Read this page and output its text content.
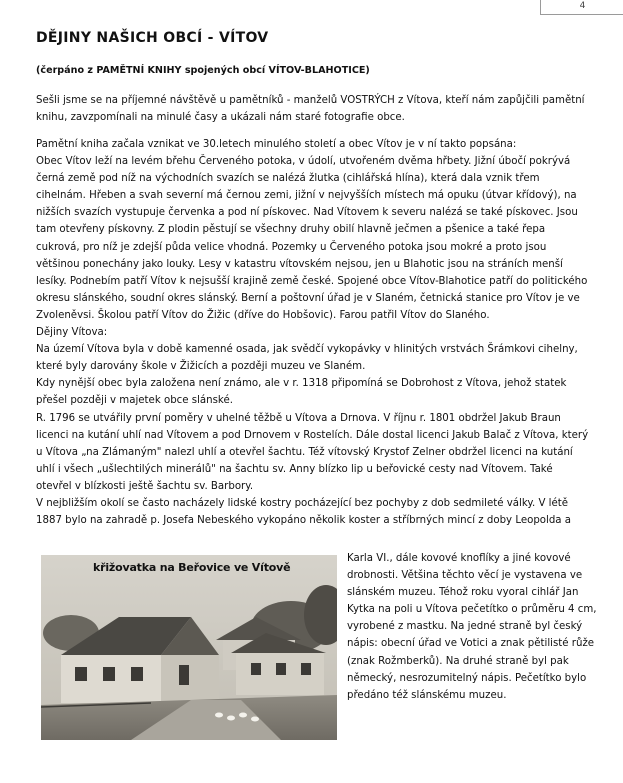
4
DĚJINY NAŠICH OBCÍ - VÍTOV
(čerpáno z PAMĚTNÍ KNIHY spojených obcí VÍTOV-BLAHOTICE)

Sešli jsme se na příjemné návštěvě u pamětníků - manželů VOSTRÝCH z Vítova, kteří nám zapůjčili pamětní knihu, zavzpomínali na minulé časy a ukázali nám staré fotografie obce.

Pamětní kniha začala vznikat ve 30.letech minulého století a obec Vítov je v ní takto popsána:
Obec Vítov leží na levém břehu Červeného potoka, v údolí, utvořeném dvěma hřbety. Jižní úbočí pokrývá černá země pod níž na východních svazích se nalézá žlutka (cihlářská hlína), která dala vznik třem cihelnám. Hřeben a svah severní má černou zemi, jižní v nejvyšších místech má opuku (útvar křídový), na nižších svazích vystupuje červenka a pod ní pískovec. Nad Vítovem k severu nalézá se také pískovec. Jsou tam otevřeny pískovny. Z plodin pěstují se všechny druhy obilí hlavně ječmen a pšenice a také řepa cukrová, pro níž je zdejší půda velice vhodná. Pozemky u Červeného potoka jsou mokré a proto jsou většinou ponechány jako louky. Lesy v katastru vítovském nejsou, jen u Blahotic jsou na stráních menší lesíky. Podnebím patří Vítov k nejsušší krajině země české. Spojené obce Vítov-Blahotice patří do politického okresu slánského, soudní okres slánský. Berní a poštovní úřad je v Slaném, četnická stanice pro Vítov je ve Zvoleněvsi. Školou patří Vítov do Žižic (dříve do Hobšovic). Farou patřil Vítov do Slaného.
Dějiny Vítova:
Na území Vítova byla v době kamenné osada, jak svědčí vykopávky v hlinitých vrstvách Šrámkovi cihelny, které byly darovány škole v Žižicích a později muzeu ve Slaném.
Kdy nynější obec byla založena není známo, ale v r. 1318 připomíná se Dobrohost z Vítova, jehož statek přešel později v majetek obce slánské.
R. 1796 se utvářily první poměry v uhelné těžbě u Vítova a Drnova. V říjnu r. 1801 obdržel Jakub Braun licenci na kutání uhlí nad Vítovem a pod Drnovem v Rostelích. Dále dostal licenci Jakub Balač z Vítova, který u Vítova „na Zlámaným" nalezl uhlí a otevřel šachtu. Též vítovský Krystof Zelner obdržel licenci na kutání uhlí i všech „ušlechtilých minerálů" na šachtu sv. Anny blízko lip u beřovické cesty nad Vítovem. Také otevřel v blízkosti ještě šachtu sv. Barbory.
V nejbližším okolí se často nacházely lidské kostry pocházející bez pochyby z dob sedmileté války. V létě 1887 bylo na zahradě p. Josefa Nebeského vykopáno několik koster a stříbrných mincí z doby Leopolda a
křižovatka na Beřovice ve Vítově

Karla VI., dále kovové knoflíky a jiné kovové drobnosti. Většina těchto věcí je vystavena ve slánském muzeu. Téhož roku vyoral cihlář Jan Kytka na poli u Vítova pečetítko o průměru 4 cm, vyrobené z mastku. Na jedné straně byl český nápis: obecní úřad ve Votici a znak pětilisté růže (znak Rožmberků). Na druhé straně byl pak německý, nesrozumitelný nápis. Pečetítko bylo předáno též slánskému muzeu.
